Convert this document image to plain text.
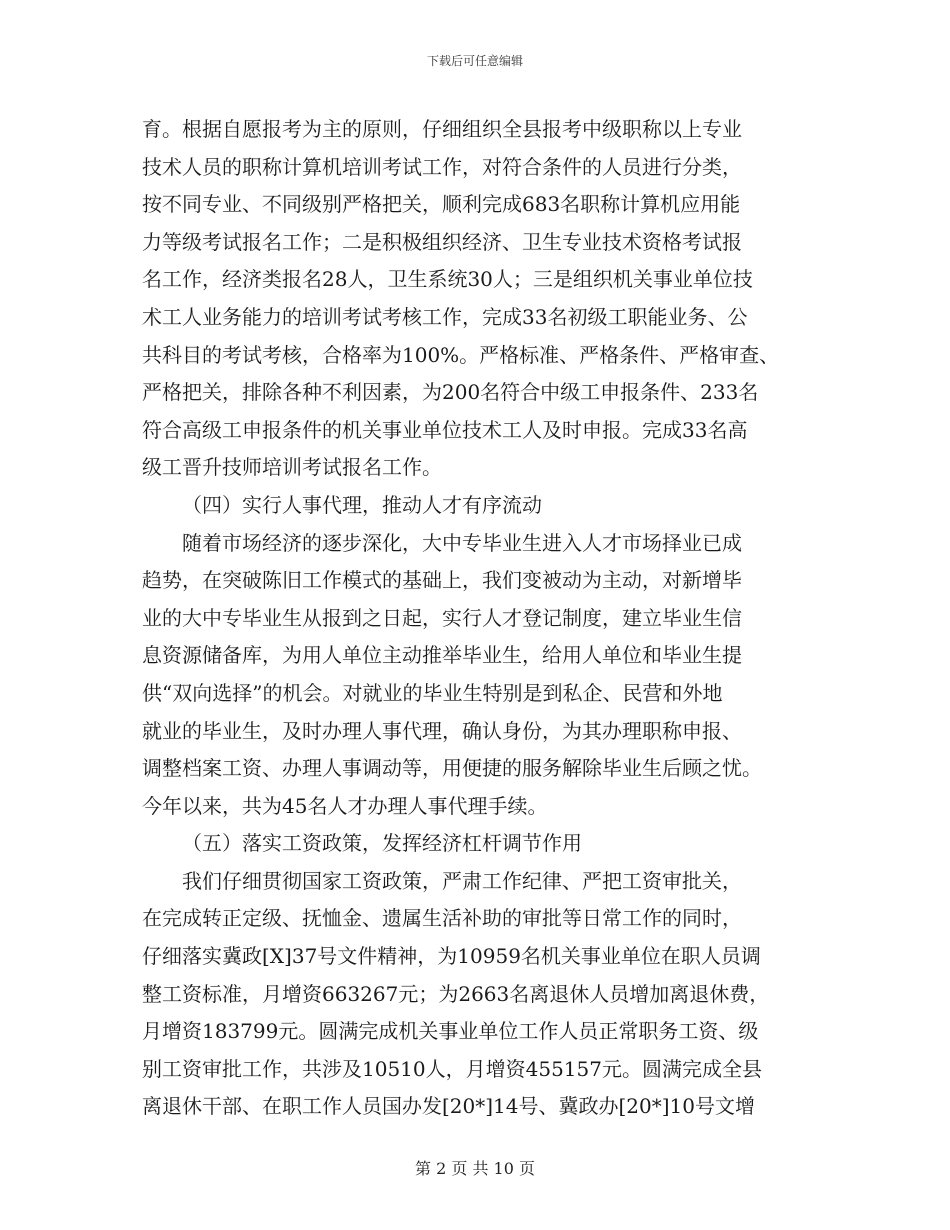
下载后可任意编辑
育。根据自愿报考为主的原则，仔细组织全县报考中级职称以上专业
技术人员的职称计算机培训考试工作，对符合条件的人员进行分类，
按不同专业、不同级别严格把关，顺利完成683名职称计算机应用能
力等级考试报名工作；二是积极组织经济、卫生专业技术资格考试报
名工作，经济类报名28人，卫生系统30人；三是组织机关事业单位技
术工人业务能力的培训考试考核工作，完成33名初级工职能业务、公
共科目的考试考核，合格率为100%。严格标准、严格条件、严格审查、
严格把关，排除各种不利因素，为200名符合中级工申报条件、233名
符合高级工申报条件的机关事业单位技术工人及时申报。完成33名高
级工晋升技师培训考试报名工作。
（四）实行人事代理，推动人才有序流动
随着市场经济的逐步深化，大中专毕业生进入人才市场择业已成
趋势，在突破陈旧工作模式的基础上，我们变被动为主动，对新增毕
业的大中专毕业生从报到之日起，实行人才登记制度，建立毕业生信
息资源储备库，为用人单位主动推举毕业生，给用人单位和毕业生提
供“双向选择”的机会。对就业的毕业生特别是到私企、民营和外地
就业的毕业生，及时办理人事代理，确认身份，为其办理职称申报、
调整档案工资、办理人事调动等，用便捷的服务解除毕业生后顾之忧。
今年以来，共为45名人才办理人事代理手续。
（五）落实工资政策，发挥经济杠杆调节作用
我们仔细贯彻国家工资政策，严肃工作纪律、严把工资审批关，
在完成转正定级、抚恤金、遗属生活补助的审批等日常工作的同时，
仔细落实冀政[X]37号文件精神，为10959名机关事业单位在职人员调
整工资标准，月增资663267元；为2663名离退休人员增加离退休费，
月增资183799元。圆满完成机关事业单位工作人员正常职务工资、级
别工资审批工作，共涉及10510人，月增资455157元。圆满完成全县
离退休干部、在职工作人员国办发[20*]14号、冀政办[20*]10号文增
第 2 页 共 10 页
